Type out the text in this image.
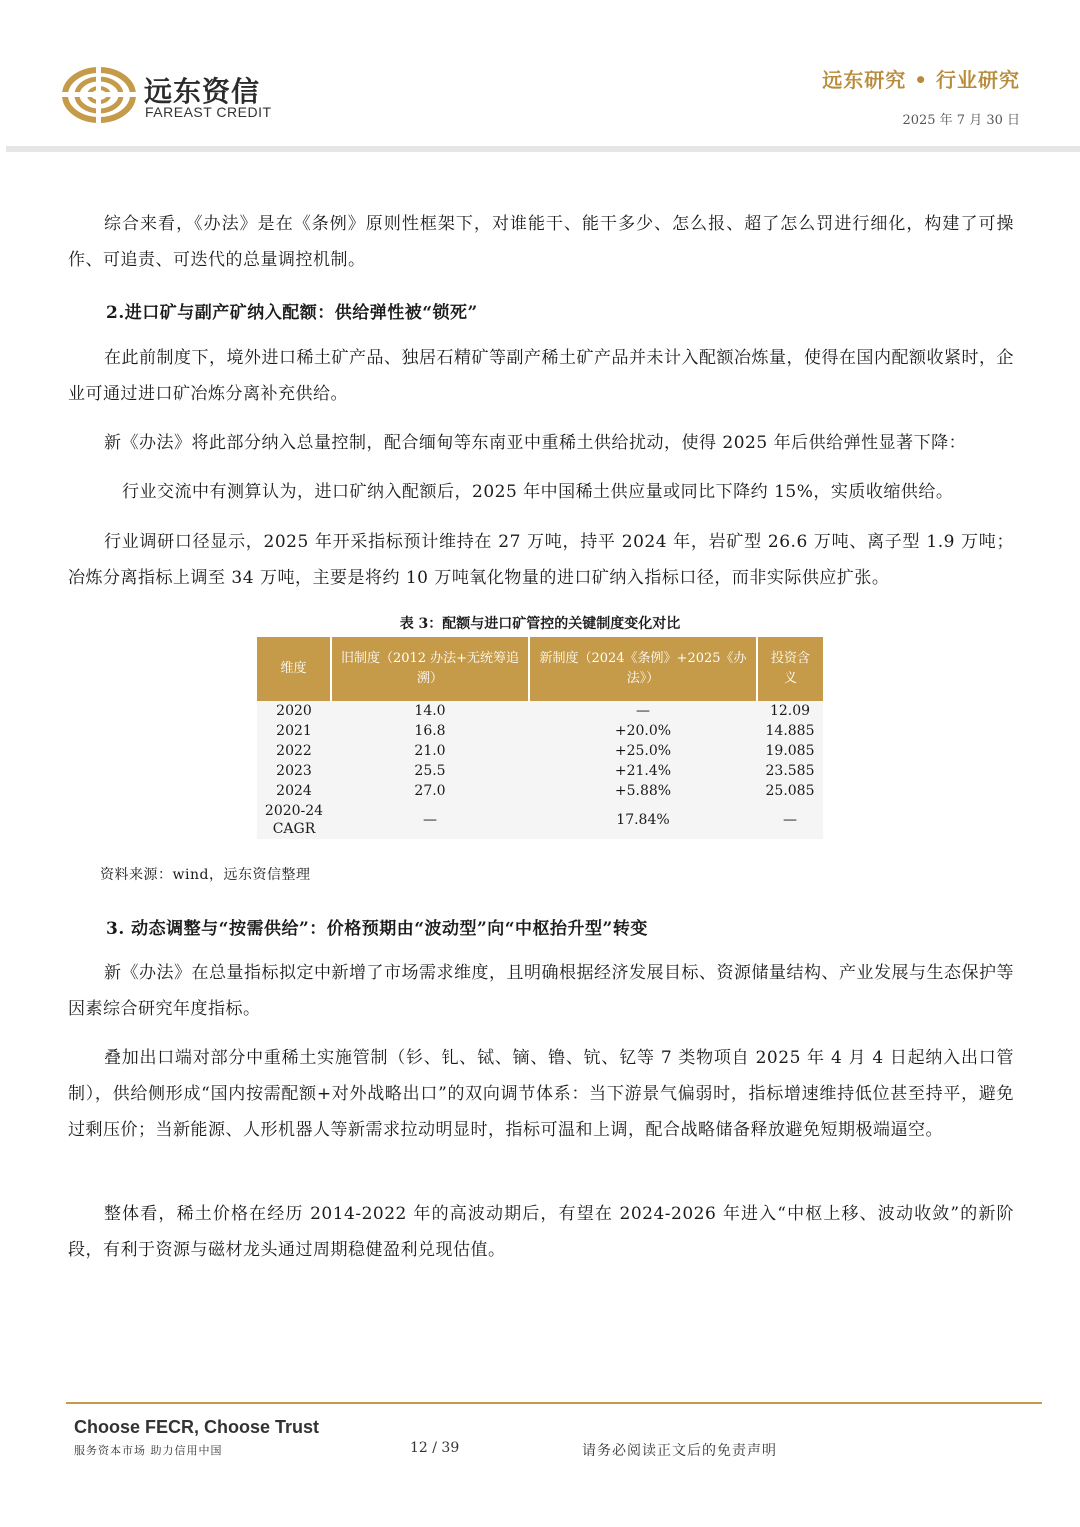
远东资信
FAREAST CREDIT
远东研究 • 行业研究
2025 年 7 月 30 日
综合来看，《办法》是在《条例》原则性框架下，对谁能干、能干多少、怎么报、超了怎么罚进行细化，构建了可操作、可追责、可迭代的总量调控机制。
2.进口矿与副产矿纳入配额：供给弹性被“锁死”
在此前制度下，境外进口稀土矿产品、独居石精矿等副产稀土矿产品并未计入配额冶炼量，使得在国内配额收紧时，企业可通过进口矿冶炼分离补充供给。
新《办法》将此部分纳入总量控制，配合缅甸等东南亚中重稀土供给扰动，使得 2025 年后供给弹性显著下降：
行业交流中有测算认为，进口矿纳入配额后，2025 年中国稀土供应量或同比下降约 15%，实质收缩供给。
行业调研口径显示，2025 年开采指标预计维持在 27 万吨，持平 2024 年，岩矿型 26.6 万吨、离子型 1.9 万吨；冶炼分离指标上调至 34 万吨，主要是将约 10 万吨氧化物量的进口矿纳入指标口径，而非实际供应扩张。
表 3：配额与进口矿管控的关键制度变化对比
维度	旧制度（2012 办法+无统筹追溯）	新制度（2024《条例》+2025《办法》）	投资含义
2020	14.0	—	12.09
2021	16.8	+20.0%	14.885
2022	21.0	+25.0%	19.085
2023	25.5	+21.4%	23.585
2024	27.0	+5.88%	25.085
2020-24
CAGR	—	17.84%	—
资料来源：wind，远东资信整理
3. 动态调整与“按需供给”：价格预期由“波动型”向“中枢抬升型”转变
新《办法》在总量指标拟定中新增了市场需求维度，且明确根据经济发展目标、资源储量结构、产业发展与生态保护等因素综合研究年度指标。
叠加出口端对部分中重稀土实施管制（钐、钆、铽、镝、镥、钪、钇等 7 类物项自 2025 年 4 月 4 日起纳入出口管制），供给侧形成“国内按需配额+对外战略出口”的双向调节体系：当下游景气偏弱时，指标增速维持低位甚至持平，避免过剩压价；当新能源、人形机器人等新需求拉动明显时，指标可温和上调，配合战略储备释放避免短期极端逼空。
整体看，稀土价格在经历 2014-2022 年的高波动期后，有望在 2024-2026 年进入“中枢上移、波动收敛”的新阶段，有利于资源与磁材龙头通过周期稳健盈利兑现估值。
Choose FECR, Choose Trust
服务资本市场 助力信用中国	12 / 39	请务必阅读正文后的免责声明
